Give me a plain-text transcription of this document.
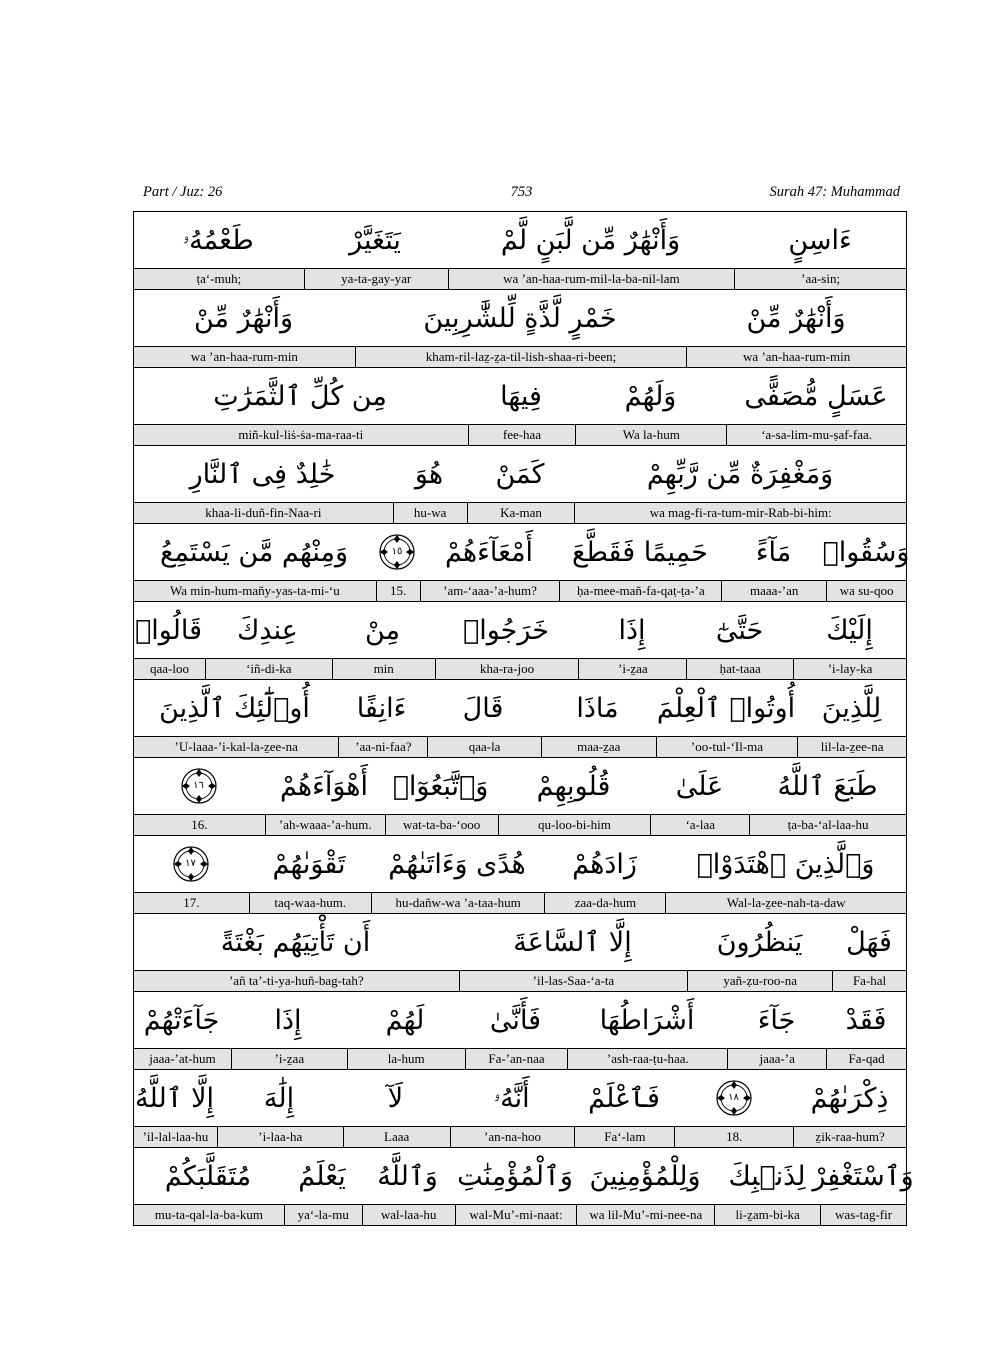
Part / Juz: 26	753	Surah 47: Muhammad
ءَاسِنٍ
وَأَنْهَٰرٌ مِّن لَّبَنٍ لَّمْ
يَتَغَيَّرْ
طَعْمُهُۥ
’aa-sin;
wa ’an-haa-rum-mil-la-ba-nil-lam
ya-ta-gay-yar
ṭa‘-muh;
وَأَنْهَٰرٌ مِّنْ
خَمْرٍ لَّذَّةٍ لِّلشَّٰرِبِينَ
وَأَنْهَٰرٌ مِّنْ
wa ’an-haa-rum-min
kham-ril-laẕ-ẕa-til-lish-shaa-ri-been;
wa ’an-haa-rum-min
عَسَلٍ مُّصَفًّى
وَلَهُمْ
فِيهَا
مِن كُلِّ ٱلثَّمَرَٰتِ
‘a-sa-lim-mu-ṣaf-faa.
Wa la-hum
fee-haa
miñ-kul-liṡ-ṡa-ma-raa-ti
وَمَغْفِرَةٌ مِّن رَّبِّهِمْ
كَمَنْ
هُوَ
خَٰلِدٌ فِى ٱلنَّارِ
wa mag-fi-ra-tum-mir-Rab-bi-him:
Ka-man
hu-wa
khaa-li-duñ-fin-Naa-ri
وَسُقُوا۟
مَآءً
حَمِيمًا فَقَطَّعَ
أَمْعَآءَهُمْ
١٥
وَمِنْهُم مَّن يَسْتَمِعُ
wa su-qoo
maaa-’an
ḥa-mee-mañ-fa-qaṭ-ṭa-’a
’am-‘aaa-’a-hum?
15.
Wa min-hum-mañy-yas-ta-mi-‘u
إِلَيْكَ
حَتَّىٰٓ
إِذَا
خَرَجُوا۟
مِنْ
عِندِكَ
قَالُوا۟
’i-lay-ka
ḥat-taaa
’i-ẕaa
kha-ra-joo
min
‘iñ-di-ka
qaa-loo
لِلَّذِينَ
أُوتُوا۟ ٱلْعِلْمَ
مَاذَا
قَالَ
ءَانِفًا
أُو۟لَٰٓئِكَ ٱلَّذِينَ
lil-la-ẕee-na
’oo-tul-‘Il-ma
maa-ẕaa
qaa-la
’aa-ni-faa?
’U-laaa-’i-kal-la-ẕee-na
طَبَعَ ٱللَّهُ
عَلَىٰ
قُلُوبِهِمْ
وَٱتَّبَعُوٓا۟
أَهْوَآءَهُمْ
١٦
ṭa-ba-‘al-laa-hu
‘a-laa
qu-loo-bi-him
wat-ta-ba-‘ooo
’ah-waaa-’a-hum.
16.
وَٱلَّذِينَ ٱهْتَدَوْا۟
زَادَهُمْ
هُدًى وَءَاتَىٰهُمْ
تَقْوَىٰهُمْ
١٧
Wal-la-ẕee-nah-ta-daw
zaa-da-hum
hu-dañw-wa ’a-taa-hum
taq-waa-hum.
17.
فَهَلْ
يَنظُرُونَ
إِلَّا ٱلسَّاعَةَ
أَن تَأْتِيَهُم بَغْتَةً
Fa-hal
yañ-ẓu-roo-na
’il-las-Saa-‘a-ta
’añ ta’-ti-ya-huñ-bag-tah?
فَقَدْ
جَآءَ
أَشْرَاطُهَا
فَأَنَّىٰ
لَهُمْ
إِذَا
جَآءَتْهُمْ
Fa-qad
jaaa-’a
’ash-raa-ṭu-haa.
Fa-’an-naa
la-hum
’i-ẕaa
jaaa-’at-hum
ذِكْرَىٰهُمْ
١٨
فَٱعْلَمْ
أَنَّهُۥ
لَآ
إِلَٰهَ
إِلَّا ٱللَّهُ
ẕik-raa-hum?
18.
Fa‘-lam
’an-na-hoo
Laaa
’i-laa-ha
’il-lal-laa-hu
وَٱسْتَغْفِرْ
لِذَنۢبِكَ
وَلِلْمُؤْمِنِينَ
وَٱلْمُؤْمِنَٰتِ
وَٱللَّهُ
يَعْلَمُ
مُتَقَلَّبَكُمْ
was-tag-fir
li-ẕam-bi-ka
wa lil-Mu’-mi-nee-na
wal-Mu’-mi-naat:
wal-laa-hu
ya‘-la-mu
mu-ta-qal-la-ba-kum
